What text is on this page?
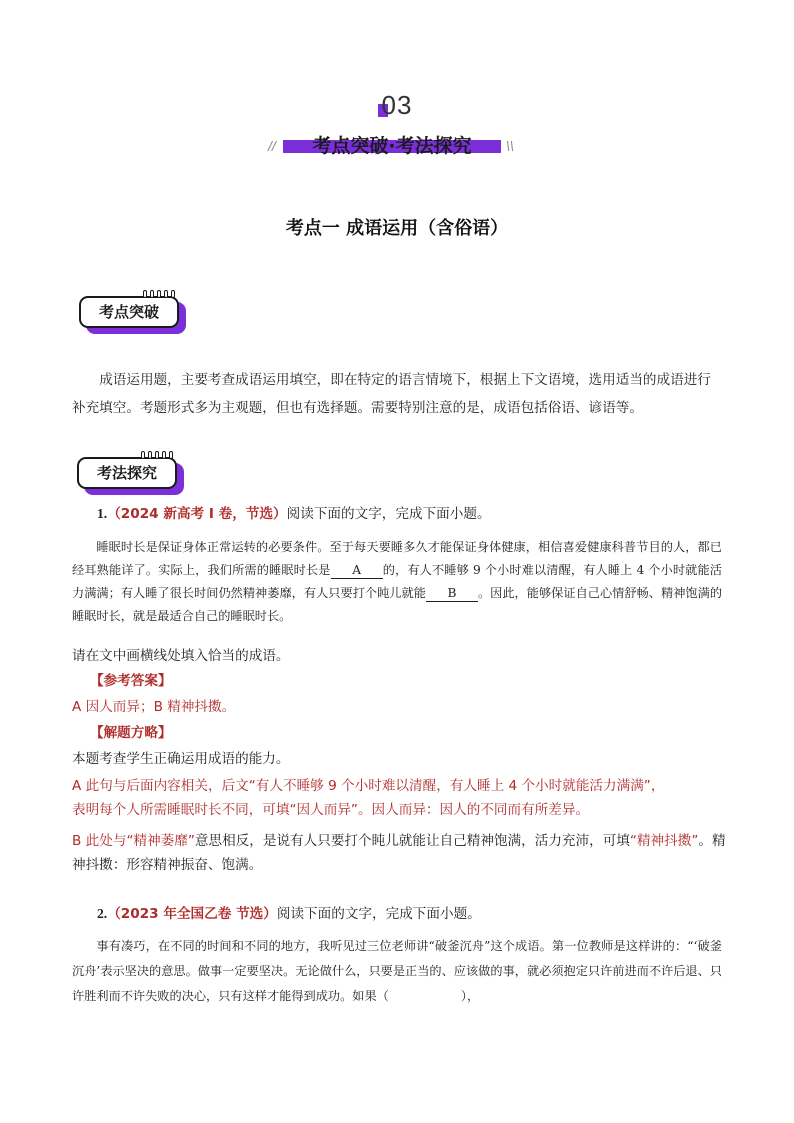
03
//	考点突破·考法探究	\\
考点一 成语运用（含俗语）
考点突破
成语运用题，主要考查成语运用填空，即在特定的语言情境下，根据上下文语境，选用适当的成语进行补充填空。考题形式多为主观题，但也有选择题。需要特别注意的是，成语包括俗语、谚语等。
考法探究
1.（2024 新高考 I 卷，节选）阅读下面的文字，完成下面小题。
睡眠时长是保证身体正常运转的必要条件。至于每天要睡多久才能保证身体健康，相信喜爱健康科普节目的人，都已经耳熟能详了。实际上，我们所需的睡眠时长是 A 的，有人不睡够 9 个小时难以清醒，有人睡上 4 个小时就能活力满满；有人睡了很长时间仍然精神萎靡，有人只要打个盹儿就能 B 。因此，能够保证自己心情舒畅、精神饱满的睡眠时长，就是最适合自己的睡眠时长。
请在文中画横线处填入恰当的成语。
【参考答案】
A 因人而异；B 精神抖擞。
【解题方略】
本题考查学生正确运用成语的能力。
A 此句与后面内容相关，后文“有人不睡够 9 个小时难以清醒，有人睡上 4 个小时就能活力满满”，
表明每个人所需睡眠时长不同，可填“因人而异”。因人而异：因人的不同而有所差异。
B 此处与“精神萎靡”意思相反，是说有人只要打个盹儿就能让自己精神饱满，活力充沛，可填“精神抖擞”。精神抖擞：形容精神振奋、饱满。
2.（2023 年全国乙卷 节选）阅读下面的文字，完成下面小题。
事有凑巧，在不同的时间和不同的地方，我听见过三位老师讲“破釜沉舟”这个成语。第一位教师是这样讲的：“‘破釜沉舟’表示坚决的意思。做事一定要坚决。无论做什么，只要是正当的、应该做的事，就必须抱定只许前进而不许后退、只许胜利而不许失败的决心，只有这样才能得到成功。如果（	），
